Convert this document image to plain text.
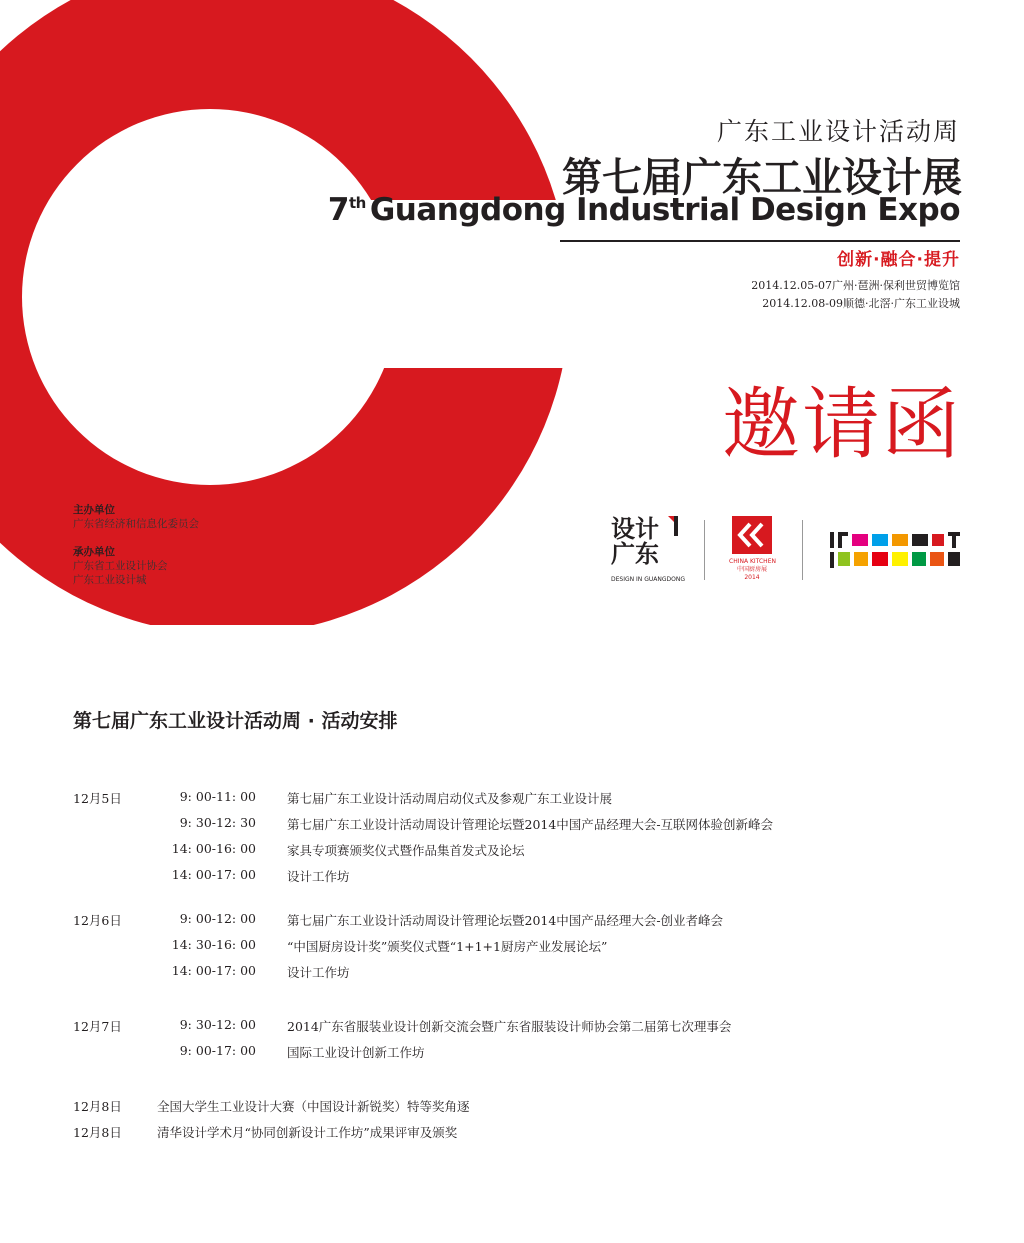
广东工业设计活动周
第七届广东工业设计展
7th Guangdong Industrial Design Expo
创新·融合·提升
2014.12.05-07广州·琶洲·保利世贸博览馆
2014.12.08-09顺德·北滘·广东工业设城
邀请函
主办单位
广东省经济和信息化委员会
承办单位
广东省工业设计协会
广东工业设计城
设计广东
DESIGN IN GUANGDONG
CHINA KITCHEN
中国厨房展
2014
第七届广东工业设计活动周 · 活动安排
12月5日	9: 00-11: 00 第七届广东工业设计活动周启动仪式及参观广东工业设计展
9: 30-12: 30 第七届广东工业设计活动周设计管理论坛暨2014中国产品经理大会-互联网体验创新峰会
14: 00-16: 00 家具专项赛颁奖仪式暨作品集首发式及论坛
14: 00-17: 00 设计工作坊
12月6日	9: 00-12: 00 第七届广东工业设计活动周设计管理论坛暨2014中国产品经理大会-创业者峰会
14: 30-16: 00 “中国厨房设计奖”颁奖仪式暨“1+1+1厨房产业发展论坛”
14: 00-17: 00 设计工作坊
12月7日	9: 30-12: 00 2014广东省服装业设计创新交流会暨广东省服装设计师协会第二届第七次理事会
9: 00-17: 00 国际工业设计创新工作坊
12月8日	全国大学生工业设计大赛（中国设计新锐奖）特等奖角逐
12月8日	清华设计学术月“协同创新设计工作坊”成果评审及颁奖
